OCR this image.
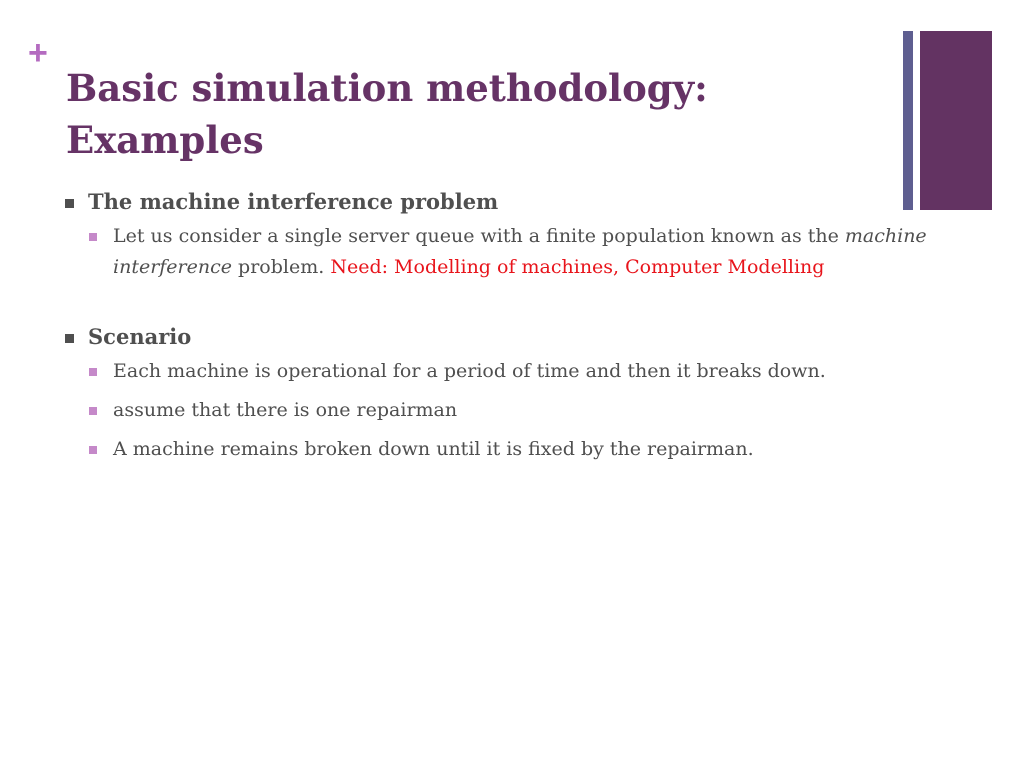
+
Basic simulation methodology:
Examples
The machine interference problem
Let us consider a single server queue with a finite population known as the machine interference problem. Need: Modelling of machines, Computer Modelling
Scenario
Each machine is operational for a period of time and then it breaks down.
assume that there is one repairman
A machine remains broken down until it is fixed by the repairman.
